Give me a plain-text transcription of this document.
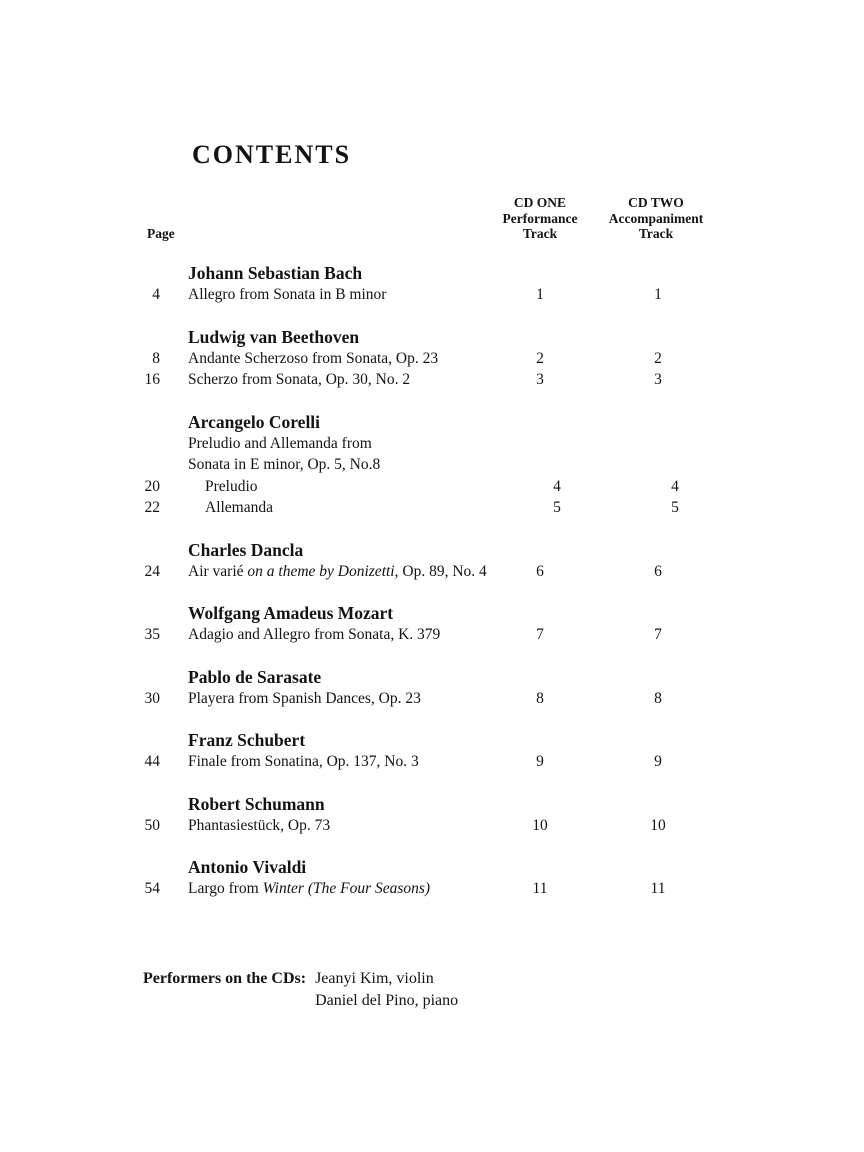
CONTENTS
CD ONE
Performance
Track
CD TWO
Accompaniment
Track
Page
Johann Sebastian Bach
4 Allegro from Sonata in B minor	1	1
Ludwig van Beethoven
8 Andante Scherzoso from Sonata, Op. 23	2	2
16 Scherzo from Sonata, Op. 30, No. 2	3	3
Arcangelo Corelli
Preludio and Allemanda from
Sonata in E minor, Op. 5, No.8
20	Preludio	4	4
22	Allemanda	5	5
Charles Dancla
24 Air varié on a theme by Donizetti, Op. 89, No. 4	6	6
Wolfgang Amadeus Mozart
35 Adagio and Allegro from Sonata, K. 379	7	7
Pablo de Sarasate
30 Playera from Spanish Dances, Op. 23	8	8
Franz Schubert
44 Finale from Sonatina, Op. 137, No. 3	9	9
Robert Schumann
50 Phantasiestück, Op. 73	10	10
Antonio Vivaldi
54 Largo from Winter (The Four Seasons)	11	11
Performers on the CDs: Jeanyi Kim, violin
Daniel del Pino, piano
